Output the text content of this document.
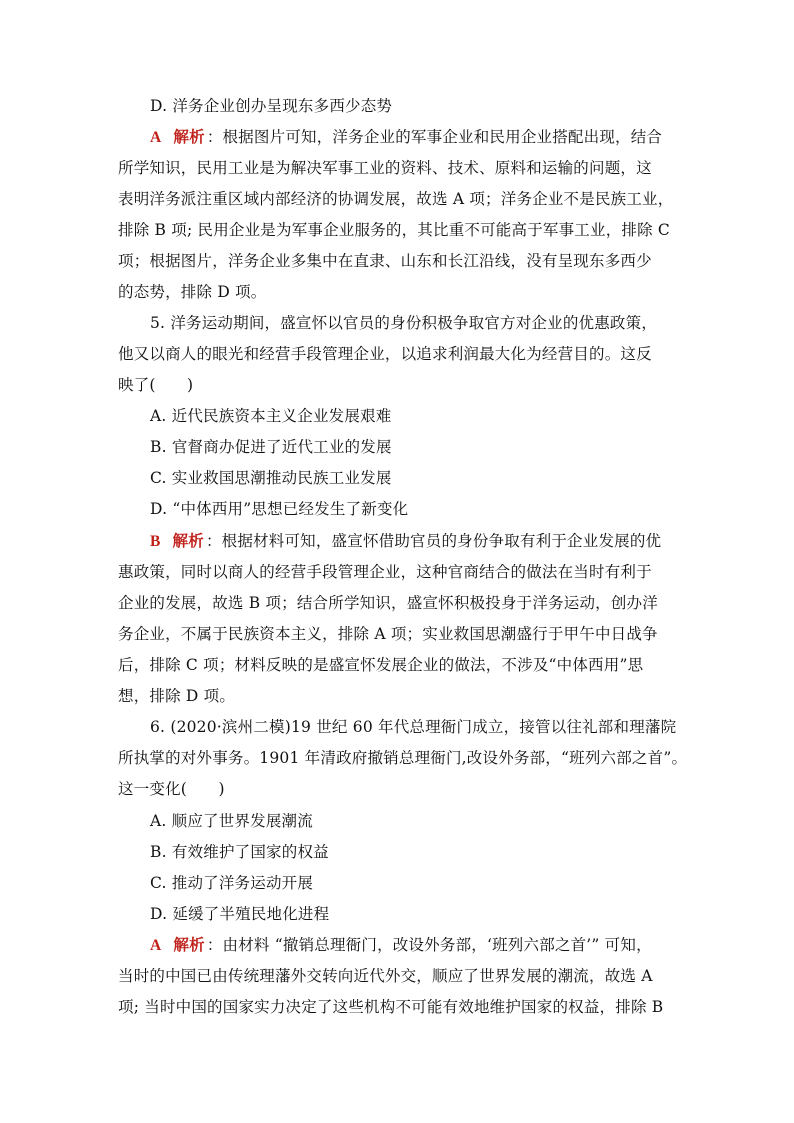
D. 洋务企业创办呈现东多西少态势
A 解析 ：根据图片可知，洋务企业的军事企业和民用企业搭配出现，结合
所学知识，民用工业是为解决军事工业的资料、技术、原料和运输的问题，这
表明洋务派注重区域内部经济的协调发展，故选 A 项；洋务企业不是民族工业，
排除 B 项; 民用企业是为军事企业服务的，其比重不可能高于军事工业，排除 C
项；根据图片，洋务企业多集中在直隶、山东和长江沿线，没有呈现东多西少
的态势，排除 D 项。
5. 洋务运动期间，盛宣怀以官员的身份积极争取官方对企业的优惠政策，
他又以商人的眼光和经营手段管理企业，以追求利润最大化为经营目的。这反
映了(　　)
A. 近代民族资本主义企业发展艰难
B. 官督商办促进了近代工业的发展
C. 实业救国思潮推动民族工业发展
D. “中体西用”思想已经发生了新变化
B 解析 ：根据材料可知，盛宣怀借助官员的身份争取有利于企业发展的优
惠政策，同时以商人的经营手段管理企业，这种官商结合的做法在当时有利于
企业的发展，故选 B 项；结合所学知识，盛宣怀积极投身于洋务运动，创办洋
务企业，不属于民族资本主义，排除 A 项；实业救国思潮盛行于甲午中日战争
后，排除 C 项；材料反映的是盛宣怀发展企业的做法，不涉及“中体西用”思
想，排除 D 项。
6. (2020·滨州二模)19 世纪 60 年代总理衙门成立，接管以往礼部和理藩院
所执掌的对外事务。1901 年清政府撤销总理衙门,改设外务部，“班列六部之首”。
这一变化(　　)
A. 顺应了世界发展潮流
B. 有效维护了国家的权益
C. 推动了洋务运动开展
D. 延缓了半殖民地化进程
A 解析 ：由材料 “撤销总理衙门，改设外务部，‘班列六部之首’” 可知，
当时的中国已由传统理藩外交转向近代外交，顺应了世界发展的潮流，故选 A
项; 当时中国的国家实力决定了这些机构不可能有效地维护国家的权益，排除 B
